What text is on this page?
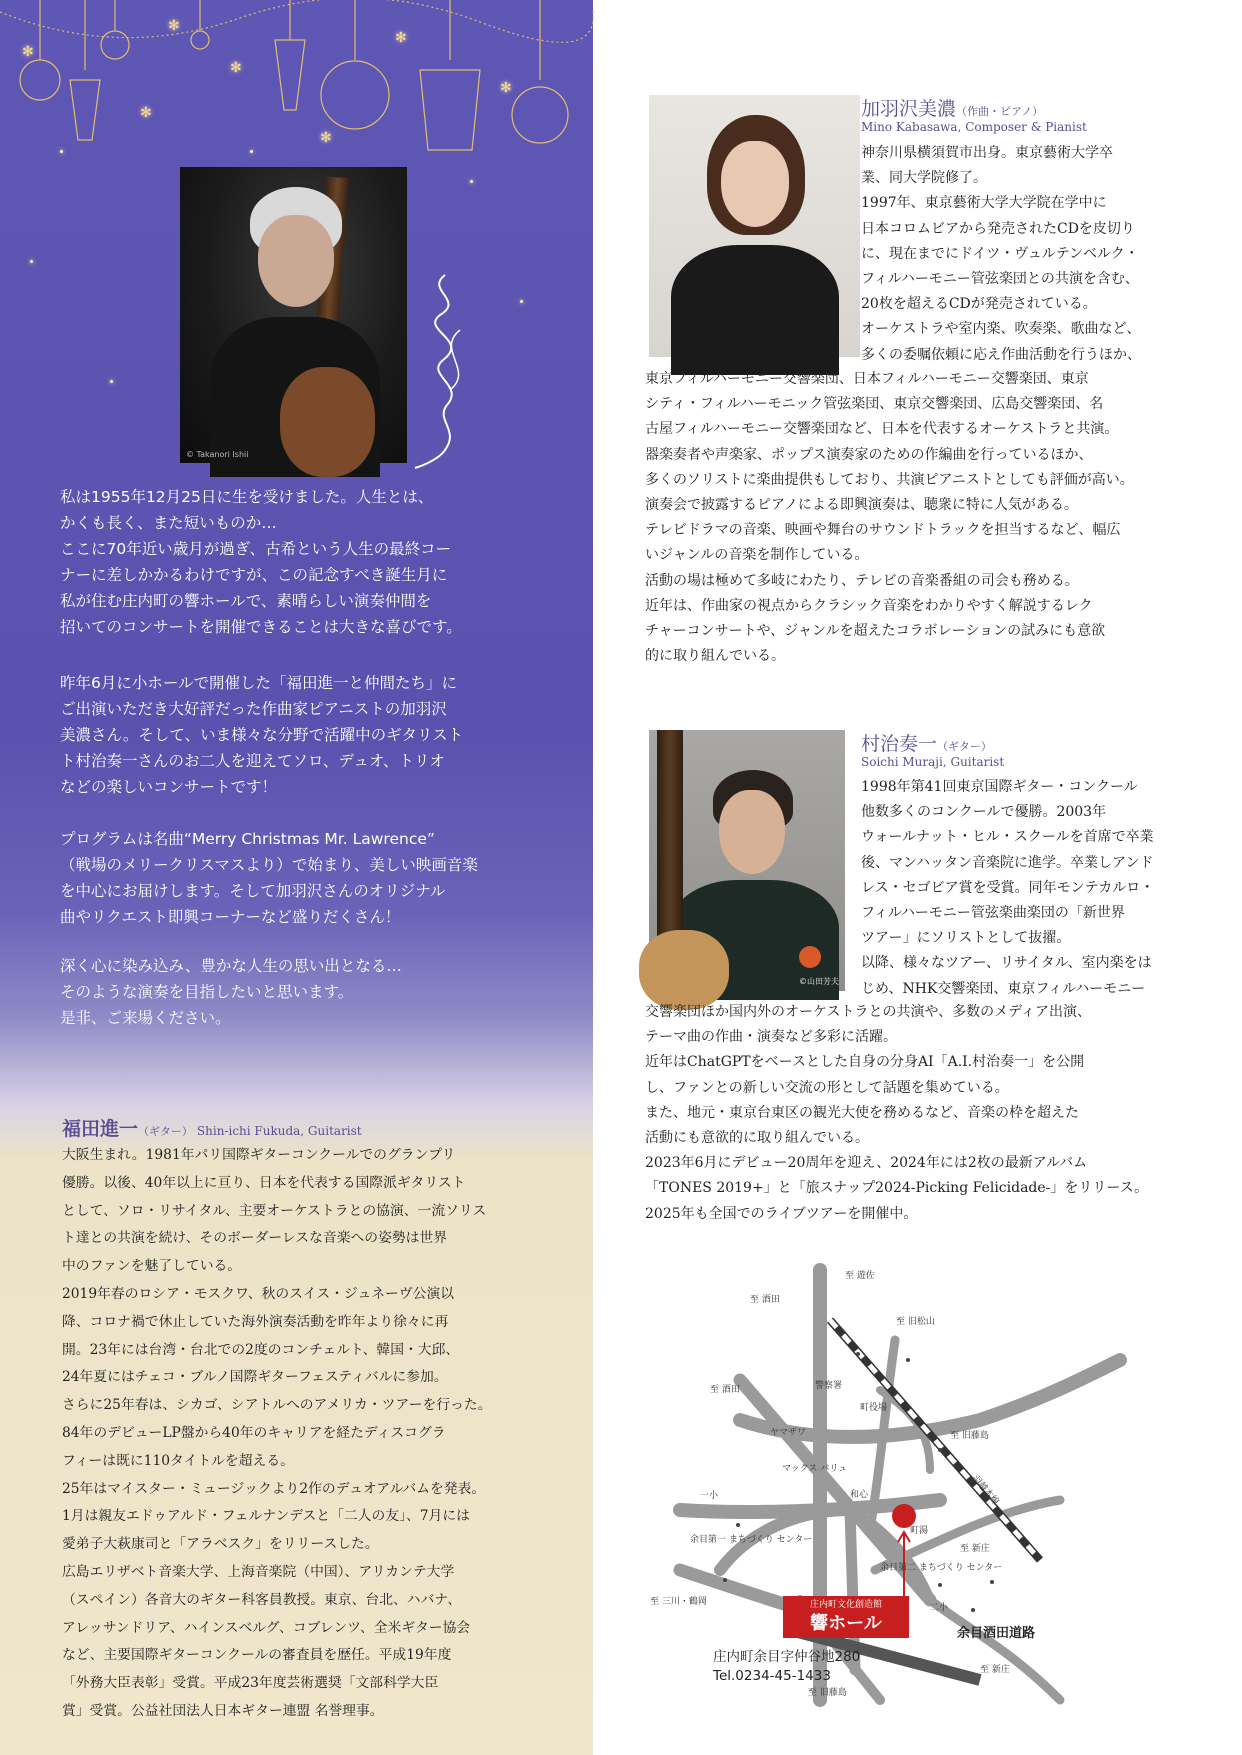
✻
✻
✻
✻
✻
✻
✻
© Takanori Ishii
私は1955年12月25日に生を受けました。人生とは、
かくも長く、また短いものか…
ここに70年近い歳月が過ぎ、古希という人生の最終コー
ナーに差しかかるわけですが、この記念すべき誕生月に
私が住む庄内町の響ホールで、素晴らしい演奏仲間を
招いてのコンサートを開催できることは大きな喜びです。
昨年6月に小ホールで開催した「福田進一と仲間たち」に
ご出演いただき大好評だった作曲家ピアニストの加羽沢
美濃さん。そして、いま様々な分野で活躍中のギタリスト
ト村治奏一さんのお二人を迎えてソロ、デュオ、トリオ
などの楽しいコンサートです！
プログラムは名曲“Merry Christmas Mr. Lawrence”
（戦場のメリークリスマスより）で始まり、美しい映画音楽
を中心にお届けします。そして加羽沢さんのオリジナル
曲やリクエスト即興コーナーなど盛りだくさん！
深く心に染み込み、豊かな人生の思い出となる…
そのような演奏を目指したいと思います。
是非、ご来場ください。
福田進一（ギター） Shin-ichi Fukuda, Guitarist
大阪生まれ。1981年パリ国際ギターコンクールでのグランプリ
優勝。以後、40年以上に亘り、日本を代表する国際派ギタリスト
として、ソロ・リサイタル、主要オーケストラとの協演、一流ソリス
ト達との共演を続け、そのボーダーレスな音楽への姿勢は世界
中のファンを魅了している。
2019年春のロシア・モスクワ、秋のスイス・ジュネーヴ公演以
降、コロナ禍で休止していた海外演奏活動を昨年より徐々に再
開。23年には台湾・台北での2度のコンチェルト、韓国・大邱、
24年夏にはチェコ・ブルノ国際ギターフェスティバルに参加。
さらに25年春は、シカゴ、シアトルへのアメリカ・ツアーを行った。
84年のデビューLP盤から40年のキャリアを経たディスコグラ
フィーは既に110タイトルを超える。
25年はマイスター・ミュージックより2作のデュオアルバムを発表。
1月は親友エドゥアルド・フェルナンデスと「二人の友」、7月には
愛弟子大萩康司と「アラベスク」をリリースした。
広島エリザベト音楽大学、上海音楽院（中国）、アリカンテ大学
（スペイン）各音大のギター科客員教授。東京、台北、ハバナ、
アレッサンドリア、ハインスベルグ、コブレンツ、全米ギター協会
など、主要国際ギターコンクールの審査員を歴任。平成19年度
「外務大臣表彰」受賞。平成23年度芸術選奨「文部科学大臣
賞」受賞。公益社団法人日本ギター連盟 名誉理事。
加羽沢美濃（作曲・ピアノ）
Mino Kabasawa, Composer & Pianist
神奈川県横須賀市出身。東京藝術大学卒
業、同大学院修了。
1997年、東京藝術大学大学院在学中に
日本コロムビアから発売されたCDを皮切り
に、現在までにドイツ・ヴュルテンベルク・
フィルハーモニー管弦楽団との共演を含む、
20枚を超えるCDが発売されている。
オーケストラや室内楽、吹奏楽、歌曲など、
多くの委嘱依頼に応え作曲活動を行うほか、
東京フィルハーモニー交響楽団、日本フィルハーモニー交響楽団、東京
シティ・フィルハーモニック管弦楽団、東京交響楽団、広島交響楽団、名
古屋フィルハーモニー交響楽団など、日本を代表するオーケストラと共演。
器楽奏者や声楽家、ポップス演奏家のための作編曲を行っているほか、
多くのソリストに楽曲提供もしており、共演ピアニストとしても評価が高い。
演奏会で披露するピアノによる即興演奏は、聴衆に特に人気がある。
テレビドラマの音楽、映画や舞台のサウンドトラックを担当するなど、幅広
いジャンルの音楽を制作している。
活動の場は極めて多岐にわたり、テレビの音楽番組の司会も務める。
近年は、作曲家の視点からクラシック音楽をわかりやすく解説するレク
チャーコンサートや、ジャンルを超えたコラボレーションの試みにも意欲
的に取り組んでいる。
©山田芳夫
村治奏一（ギター）
Soichi Muraji, Guitarist
1998年第41回東京国際ギター・コンクール
他数多くのコンクールで優勝。2003年
ウォールナット・ヒル・スクールを首席で卒業
後、マンハッタン音楽院に進学。卒業しアンド
レス・セゴビア賞を受賞。同年モンテカルロ・
フィルハーモニー管弦楽曲楽団の「新世界
ツアー」にソリストとして抜擢。
以降、様々なツアー、リサイタル、室内楽をは
じめ、NHK交響楽団、東京フィルハーモニー
交響楽団ほか国内外のオーケストラとの共演や、多数のメディア出演、
テーマ曲の作曲・演奏など多彩に活躍。
近年はChatGPTをベースとした自身の分身AI「A.I.村治奏一」を公開
し、ファンとの新しい交流の形として話題を集めている。
また、地元・東京台東区の観光大使を務めるなど、音楽の枠を超えた
活動にも意欲的に取り組んでいる。
2023年6月にデビュー20周年を迎え、2024年には2枚の最新アルバム
「TONES 2019+」と「旅スナップ2024-Picking Felicidade-」をリリース。
2025年も全国でのライブツアーを開催中。
至 遊佐
至 酒田
至 旧松山
至 酒田	警察署
町役場
ヤマザワ	至 旧藤島
羽越本線
マックス バリュ
和心
一小
町湯
至 新庄
余目第一 まちづくり センター
余目第二 まちづくり センター
二小
至 三川・鶴岡
至 新庄
至 旧藤島
庄内町文化創造館
響ホール	余目酒田道路
庄内町余目字仲谷地280
Tel.0234-45-1433
